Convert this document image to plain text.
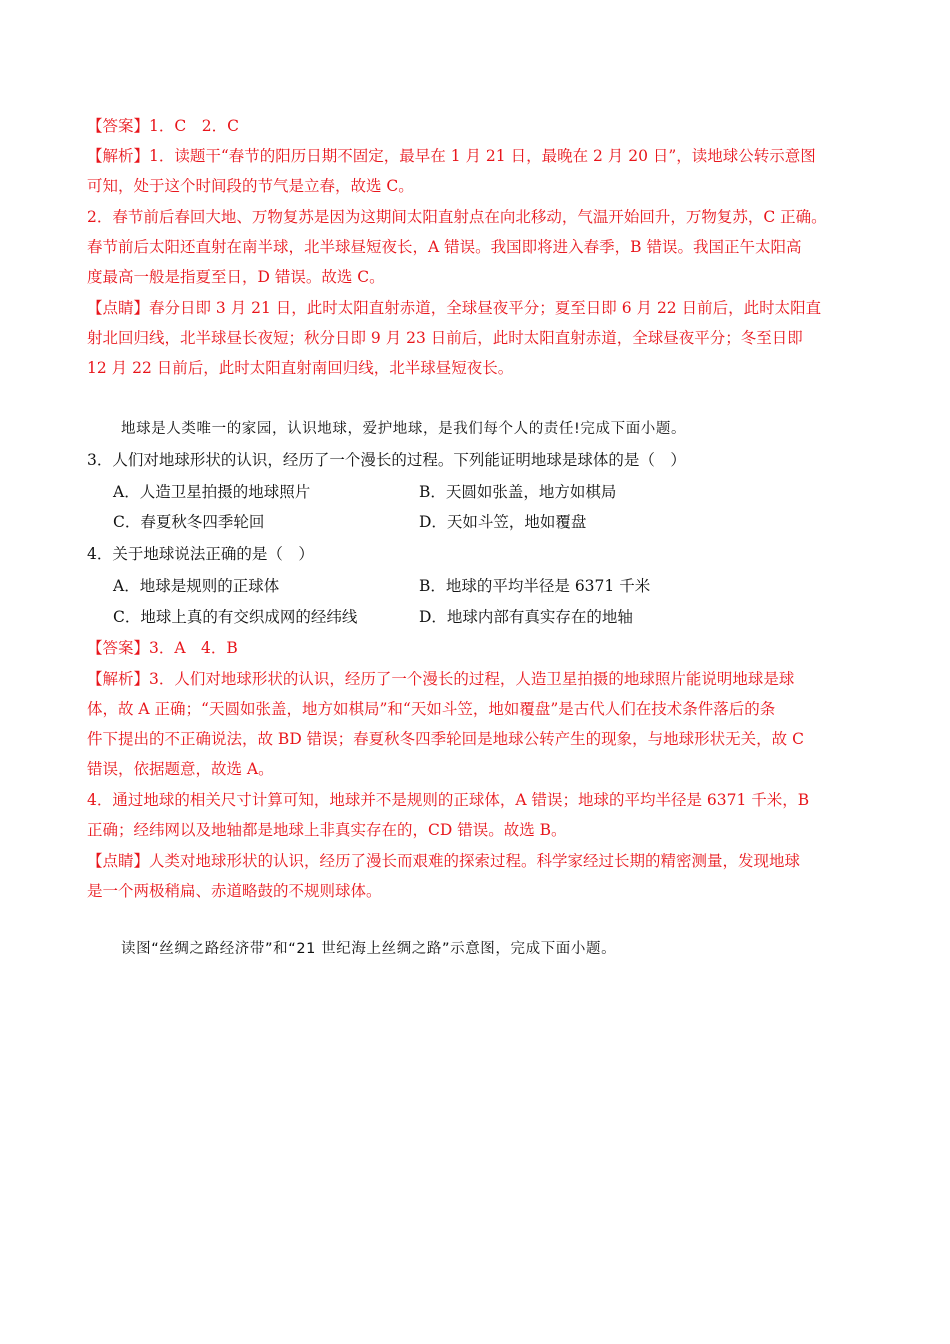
【答案】1．C　2．C
【解析】1．读题干“春节的阳历日期不固定，最早在 1 月 21 日，最晚在 2 月 20 日”，读地球公转示意图
可知，处于这个时间段的节气是立春，故选 C。
2．春节前后春回大地、万物复苏是因为这期间太阳直射点在向北移动，气温开始回升，万物复苏，C 正确。
春节前后太阳还直射在南半球，北半球昼短夜长，A 错误。我国即将进入春季，B 错误。我国正午太阳高
度最高一般是指夏至日，D 错误。故选 C。
【点睛】春分日即 3 月 21 日，此时太阳直射赤道，全球昼夜平分；夏至日即 6 月 22 日前后，此时太阳直
射北回归线，北半球昼长夜短；秋分日即 9 月 23 日前后，此时太阳直射赤道，全球昼夜平分；冬至日即
12 月 22 日前后，此时太阳直射南回归线，北半球昼短夜长。
地球是人类唯一的家园，认识地球，爱护地球，是我们每个人的责任!完成下面小题。
3．人们对地球形状的认识，经历了一个漫长的过程。下列能证明地球是球体的是（　）
A．人造卫星拍摄的地球照片	B．天圆如张盖，地方如棋局
C．春夏秋冬四季轮回	D．天如斗笠，地如覆盘
4．关于地球说法正确的是（　）
A．地球是规则的正球体	B．地球的平均半径是 6371 千米
C．地球上真的有交织成网的经纬线	D．地球内部有真实存在的地轴
【答案】3．A　4．B
【解析】3．人们对地球形状的认识，经历了一个漫长的过程，人造卫星拍摄的地球照片能说明地球是球
体，故 A 正确；“天圆如张盖，地方如棋局”和“天如斗笠，地如覆盘”是古代人们在技术条件落后的条
件下提出的不正确说法，故 BD 错误；春夏秋冬四季轮回是地球公转产生的现象，与地球形状无关，故 C
错误，依据题意，故选 A。
4．通过地球的相关尺寸计算可知，地球并不是规则的正球体，A 错误；地球的平均半径是 6371 千米，B
正确；经纬网以及地轴都是地球上非真实存在的，CD 错误。故选 B。
【点睛】人类对地球形状的认识，经历了漫长而艰难的探索过程。科学家经过长期的精密测量，发现地球
是一个两极稍扁、赤道略鼓的不规则球体。
读图“丝绸之路经济带”和“21 世纪海上丝绸之路”示意图，完成下面小题。
